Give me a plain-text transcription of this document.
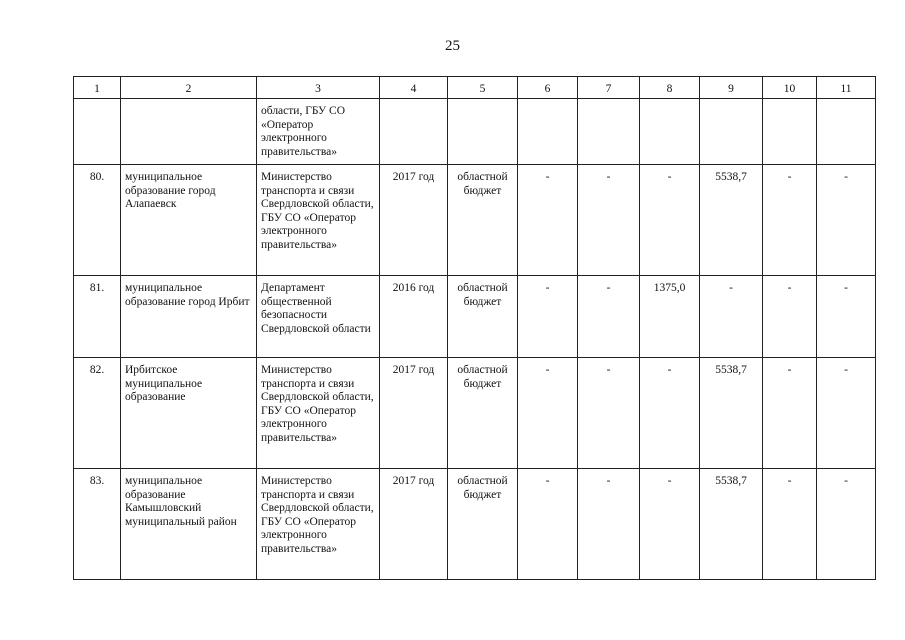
25
1	2	3	4	5	6	7	8	9	10	11
		области, ГБУ СО «Оператор электронного правительства»								
80.	муниципальное образование город Алапаевск	Министерство транспорта и связи Свердловской области, ГБУ СО «Оператор электронного правительства»	2017 год	областной бюджет	-	-	-	5538,7	-	-
81.	муниципальное образование город Ирбит	Департамент общественной безопасности Свердловской области	2016 год	областной бюджет	-	-	1375,0	-	-	-
82.	Ирбитское муниципальное образование	Министерство транспорта и связи Свердловской области, ГБУ СО «Оператор электронного правительства»	2017 год	областной бюджет	-	-	-	5538,7	-	-
83.	муниципальное образование Камышловский муниципальный район	Министерство транспорта и связи Свердловской области, ГБУ СО «Оператор электронного правительства»	2017 год	областной бюджет	-	-	-	5538,7	-	-
